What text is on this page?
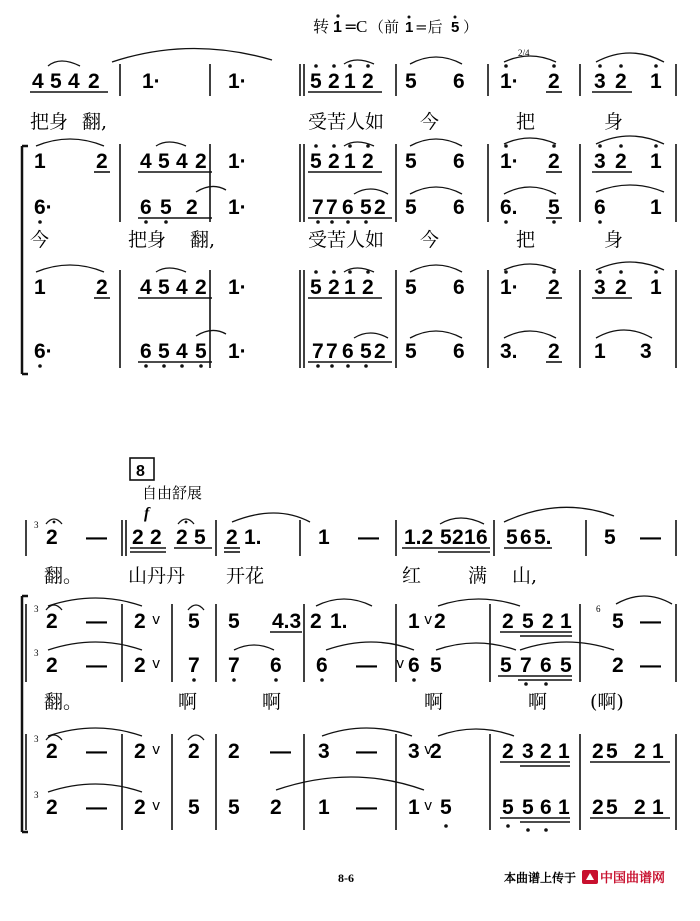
转 1 =
C （前 1 =后 5 ）
4 5 4 2 1·	1·	5 2 1 2 5 6 1· 2 3 2 1
2/4
把身 翻,	受苦人如 今	把	身
1 2 4 5 4 2 1·	5 2 1 2 5 6 1· 2 3 2 1
6·	6 5 2 1·	7 7 6 5 2 5 6 6. 5 6 1
今	把身 翻,	受苦人如 今	把	身
1 2 4 5 4 2 1·	5 2 1 2 5 6 1· 2 3 2 1
6·	6 5 4 5 1·	7 7 6 5 2 5 6 3. 2 1 3
8
自由舒展
f
2 — 2 2 2 5 2 1.	1 — 1.2 5 2 1 6 5 6 5. 5 —
3
翻。 山丹丹 开花	红 满 山,
2 — 2 5 5 4.3 2 1.	1 2	2 5 2 1 5 —
v	v
6
2 — 2 7 7 6 6 — 6 5	5 7 6 5 2 —
v	v
3
3
翻。	啊	啊	啊	啊 (啊)
2 — 2 2 2 — 3 — 3 2	2 3 2 1 2 5 2 1
v	v
2 — 2 5 5 2 1 — 1 5 5 5 6 1 2 5 2 1
v	v
3
3
8-6	本曲谱上传于 中国曲谱网
